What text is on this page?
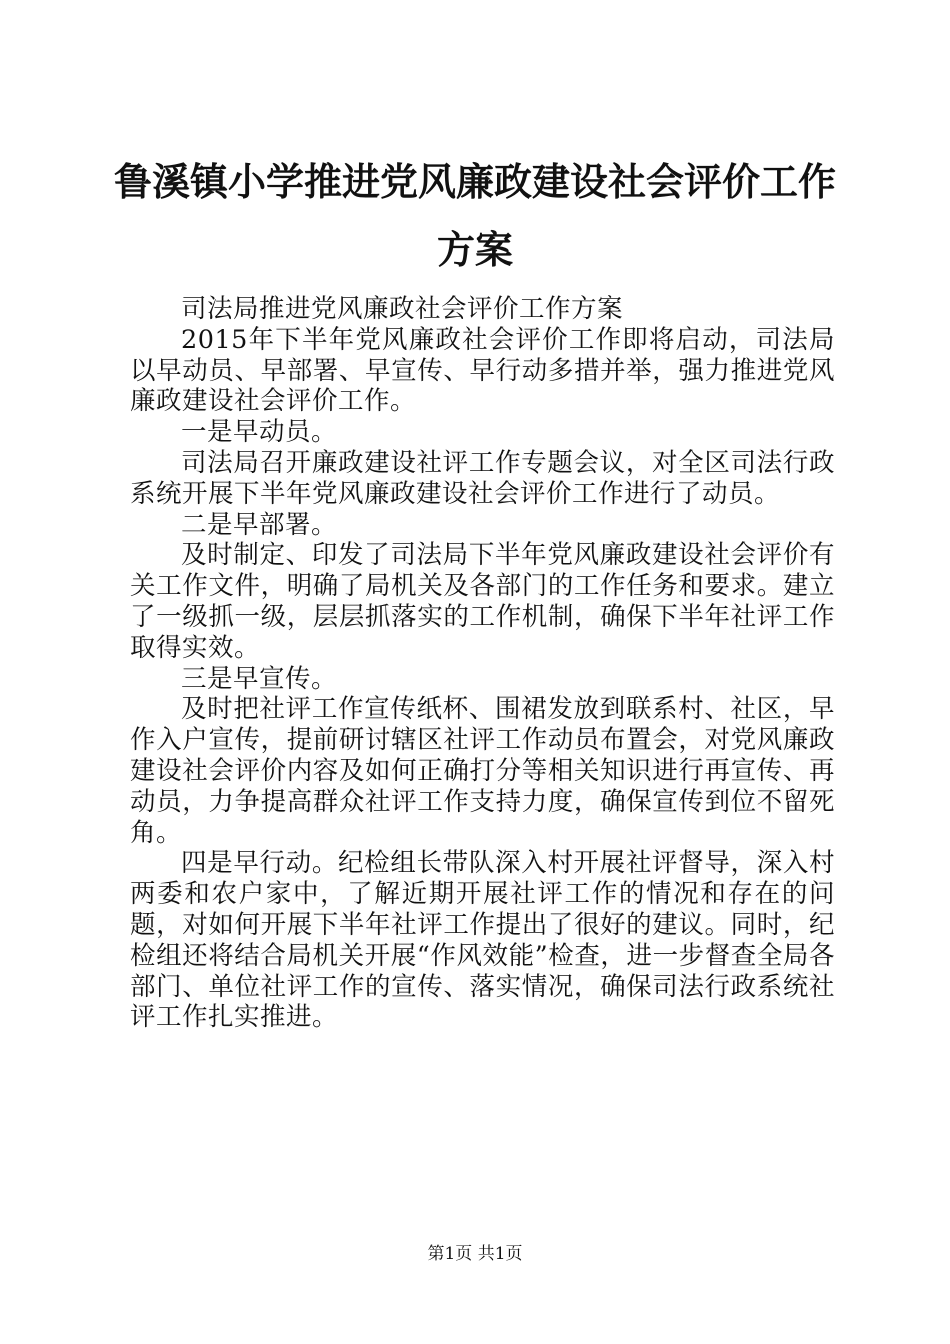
鲁溪镇小学推进党风廉政建设社会评价工作方案

司法局推进党风廉政社会评价工作方案

2015年下半年党风廉政社会评价工作即将启动，司法局以早动员、早部署、早宣传、早行动多措并举，强力推进党风廉政建设社会评价工作。

一是早动员。

司法局召开廉政建设社评工作专题会议，对全区司法行政系统开展下半年党风廉政建设社会评价工作进行了动员。

二是早部署。

及时制定、印发了司法局下半年党风廉政建设社会评价有关工作文件，明确了局机关及各部门的工作任务和要求。建立了一级抓一级，层层抓落实的工作机制，确保下半年社评工作取得实效。

三是早宣传。

及时把社评工作宣传纸杯、围裙发放到联系村、社区，早作入户宣传，提前研讨辖区社评工作动员布置会，对党风廉政建设社会评价内容及如何正确打分等相关知识进行再宣传、再动员，力争提高群众社评工作支持力度，确保宣传到位不留死角。

四是早行动。纪检组长带队深入村开展社评督导，深入村两委和农户家中，了解近期开展社评工作的情况和存在的问题，对如何开展下半年社评工作提出了很好的建议。同时，纪检组还将结合局机关开展“作风效能”检查，进一步督查全局各部门、单位社评工作的宣传、落实情况，确保司法行政系统社评工作扎实推进。

第1页 共1页
